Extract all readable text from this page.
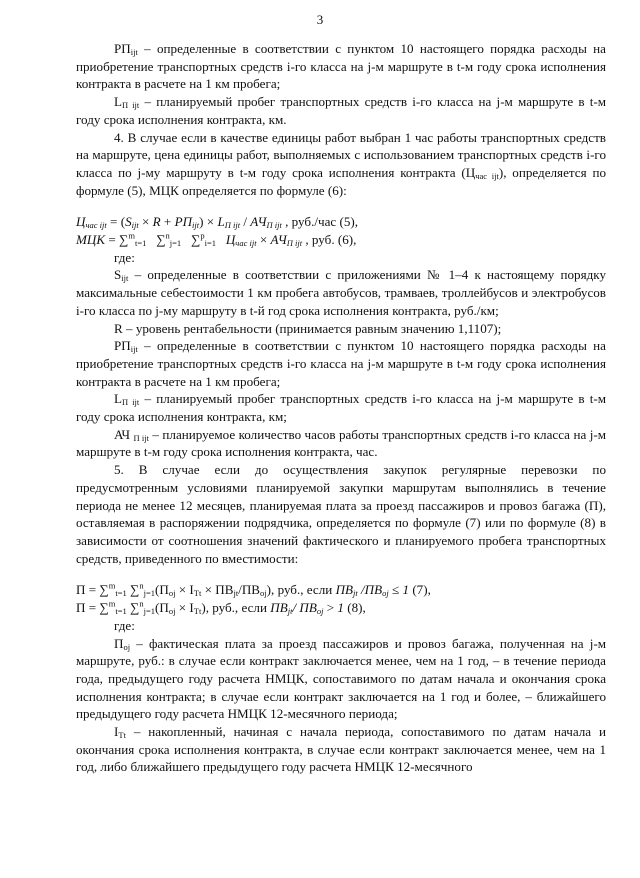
3

$РП_{ijt}$ – определенные в соответствии с пунктом 10 настоящего порядка расходы на приобретение транспортных средств i-го класса на j-м маршруте в t-м году срока исполнения контракта в расчете на 1 км пробега;

$L_{П ijt}$ – планируемый пробег транспортных средств i-го класса на j-м маршруте в t-м году срока исполнения контракта, км.

4. В случае если в качестве единицы работ выбран 1 час работы транспортных средств на маршруте, цена единицы работ, выполняемых с использованием транспортных средств i-го класса по j-му маршруту в t-м году срока исполнения контракта $(Ц_{час ijt})$, определяется по формуле (5), МЦК определяется по формуле (6):

$Ц_{час ijt} = (S_{ijt} \times R + РП_{ijt}) \times L_{П ijt} / АЧ_{П ijt}$ , руб./час (5),

МЦК = ∑$^m_{t=1}$   ∑$^n_{j=1}$   ∑$^p_{i=1}$ $Ц_{час ijt} \times АЧ_{П ijt}$ , руб. (6),

где:

$S_{ijt}$ – определенные в соответствии с приложениями № 1–4 к настоящему порядку максимальные себестоимости 1 км пробега автобусов, трамваев, троллейбусов и электробусов i-го класса по j-му маршруту в t-й год срока исполнения контракта, руб./км;

R – уровень рентабельности (принимается равным значению 1,1107);

$РП_{ijt}$ – определенные в соответствии с пунктом 10 настоящего порядка расходы на приобретение транспортных средств i-го класса на j-м маршруте в t-м году срока исполнения контракта в расчете на 1 км пробега;

$L_{П ijt}$ – планируемый пробег транспортных средств i-го класса на j-м маршруте в t-м году срока исполнения контракта, км;

АЧ $_{П ijt}$ – планируемое количество часов работы транспортных средств i-го класса на j-м маршруте в t-м году срока исполнения контракта, час.

5. В случае если до осуществления закупок регулярные перевозки по предусмотренным условиями планируемой закупки маршрутам выполнялись в течение периода не менее 12 месяцев, планируемая плата за проезд пассажиров и провоз багажа (П), оставляемая в распоряжении подрядчика, определяется по формуле (7) или по формуле (8) в зависимости от соотношения значений фактического и планируемого пробега транспортных средств, приведенного по вместимости:

П = ∑$^m_{t=1}$ $\sum^n_{j=1}(П_{oj} \times I_{Tt} \times ПВ_{jt}/ПВ_{oj})$, руб., если $ПВ_{jt}$ $/ПВ_{oj} \le 1$ (7),

П = ∑$^m_{t=1}$ $\sum^n_{j=1}(П_{oj} \times I_{Tt})$, руб., если $ПВ_{jt}/$ $ПВ_{oj} > 1$ (8),

где:

$П_{oj}$ – фактическая плата за проезд пассажиров и провоз багажа, полученная на j-м маршруте, руб.: в случае если контракт заключается менее, чем на 1 год, – в течение периода года, предыдущего году расчета НМЦК, сопоставимого по датам начала и окончания срока исполнения контракта; в случае если контракт заключается на 1 год и более, – ближайшего предыдущего году расчета НМЦК 12-месячного периода;

$I_{Tt}$ – накопленный, начиная с начала периода, сопоставимого по датам начала и окончания срока исполнения контракта, в случае если контракт заключается менее, чем на 1 год, либо ближайшего предыдущего году расчета НМЦК 12-месячного
